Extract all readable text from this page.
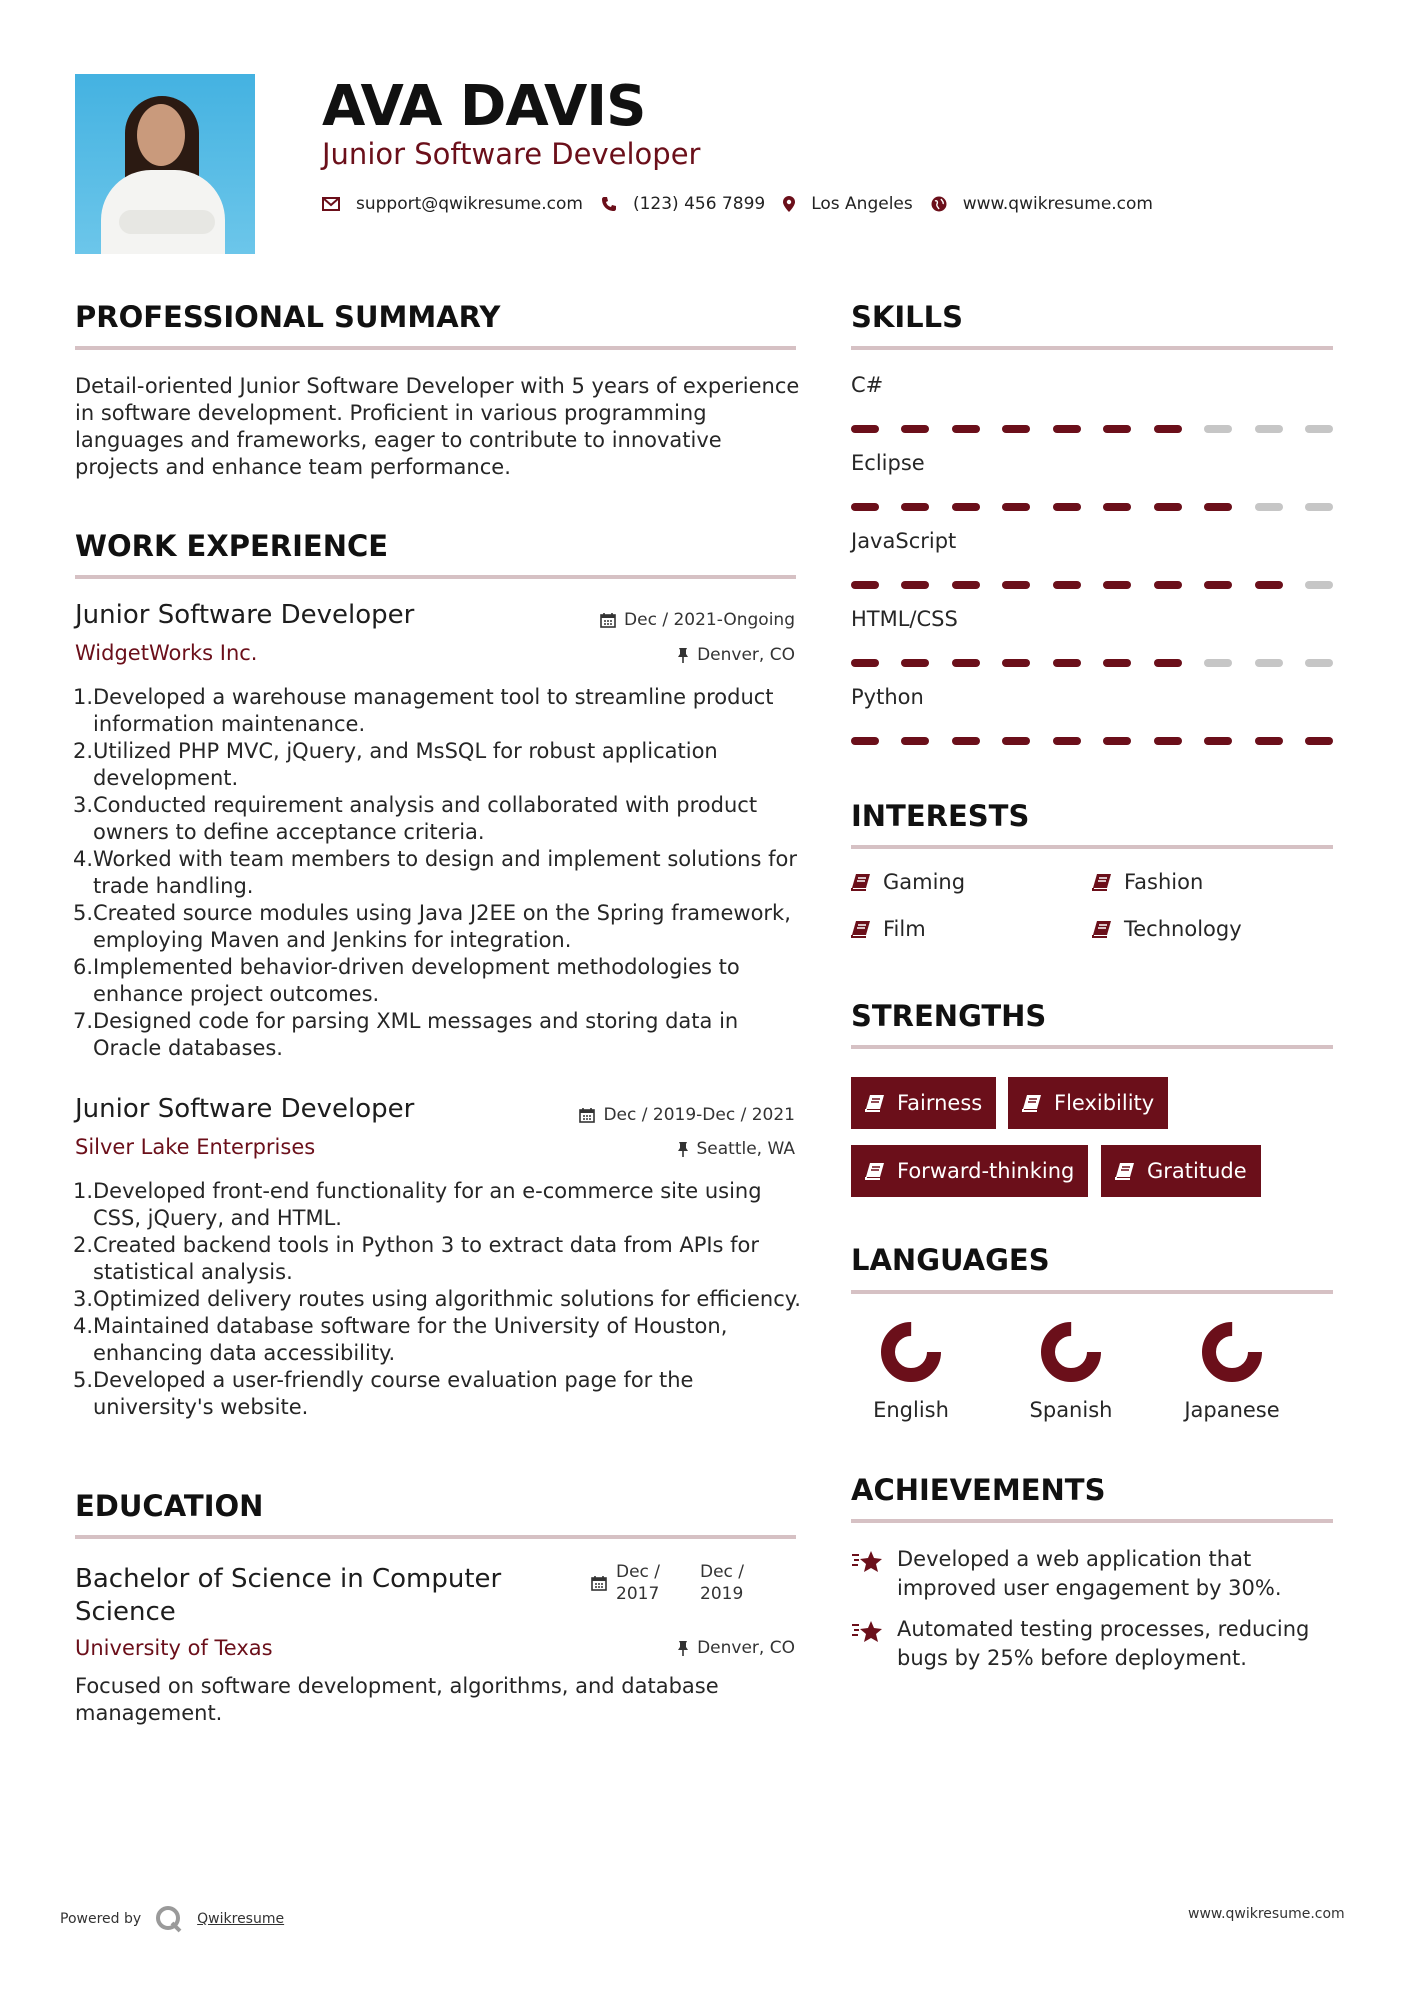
AVA DAVIS
Junior Software Developer
support@qwikresume.com	(123) 456 7899	Los Angeles	www.qwikresume.com
PROFESSIONAL SUMMARY
Detail-oriented Junior Software Developer with 5 years of experience in software development. Proficient in various programming languages and frameworks, eager to contribute to innovative projects and enhance team performance.
WORK EXPERIENCE
Junior Software Developer	Dec / 2021-Ongoing
WidgetWorks Inc.	Denver, CO
1. Developed a warehouse management tool to streamline product information maintenance.
2. Utilized PHP MVC, jQuery, and MsSQL for robust application development.
3. Conducted requirement analysis and collaborated with product owners to define acceptance criteria.
4. Worked with team members to design and implement solutions for trade handling.
5. Created source modules using Java J2EE on the Spring framework, employing Maven and Jenkins for integration.
6. Implemented behavior-driven development methodologies to enhance project outcomes.
7. Designed code for parsing XML messages and storing data in Oracle databases.
Junior Software Developer	Dec / 2019-Dec / 2021
Silver Lake Enterprises	Seattle, WA
1. Developed front-end functionality for an e-commerce site using CSS, jQuery, and HTML.
2. Created backend tools in Python 3 to extract data from APIs for statistical analysis.
3. Optimized delivery routes using algorithmic solutions for efficiency.
4. Maintained database software for the University of Houston, enhancing data accessibility.
5. Developed a user-friendly course evaluation page for the university's website.
EDUCATION
Bachelor of Science in Computer Science
Dec / 2017
Dec / 2019
University of Texas	Denver, CO
Focused on software development, algorithms, and database management.
SKILLS
C#
Eclipse
JavaScript
HTML/CSS
Python
INTERESTS
Gaming	Fashion
Film	Technology
STRENGTHS
Fairness	Flexibility
Forward-thinking	Gratitude
LANGUAGES
English	Spanish	Japanese
ACHIEVEMENTS
Developed a web application that improved user engagement by 30%.
Automated testing processes, reducing bugs by 25% before deployment.
Powered by	Qwikresume	www.qwikresume.com
